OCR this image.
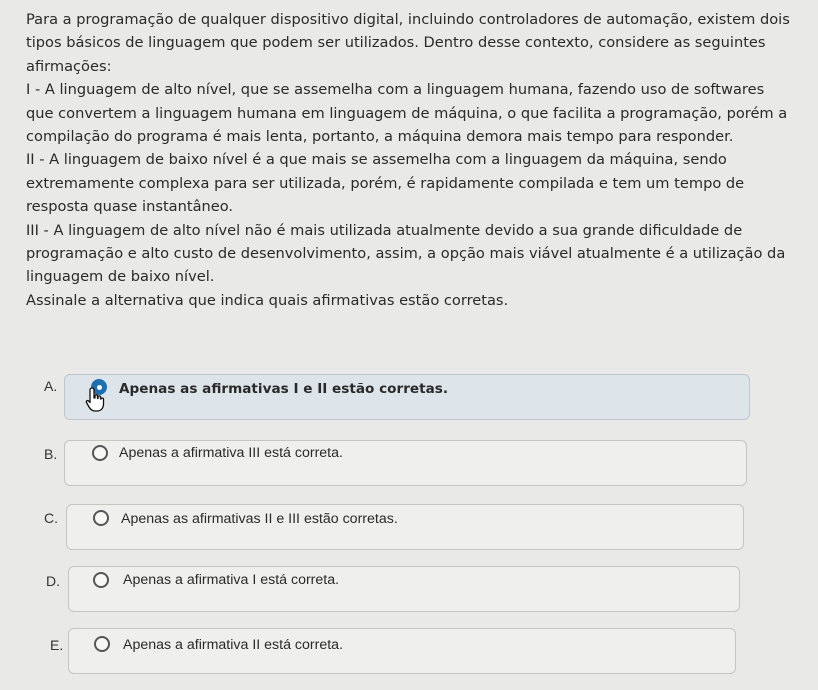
Para a programação de qualquer dispositivo digital, incluindo controladores de automação, existem dois tipos básicos de linguagem que podem ser utilizados. Dentro desse contexto, considere as seguintes afirmações:

I - A linguagem de alto nível, que se assemelha com a linguagem humana, fazendo uso de softwares que convertem a linguagem humana em linguagem de máquina, o que facilita a programação, porém a compilação do programa é mais lenta, portanto, a máquina demora mais tempo para responder.

II - A linguagem de baixo nível é a que mais se assemelha com a linguagem da máquina, sendo extremamente complexa para ser utilizada, porém, é rapidamente compilada e tem um tempo de resposta quase instantâneo.

III - A linguagem de alto nível não é mais utilizada atualmente devido a sua grande dificuldade de programação e alto custo de desenvolvimento, assim, a opção mais viável atualmente é a utilização da linguagem de baixo nível.

Assinale a alternativa que indica quais afirmativas estão corretas.

A.	Apenas as afirmativas I e II estão corretas.
B.	Apenas a afirmativa III está correta.
C.	Apenas as afirmativas II e III estão corretas.
D.	Apenas a afirmativa I está correta.
E.	Apenas a afirmativa II está correta.
